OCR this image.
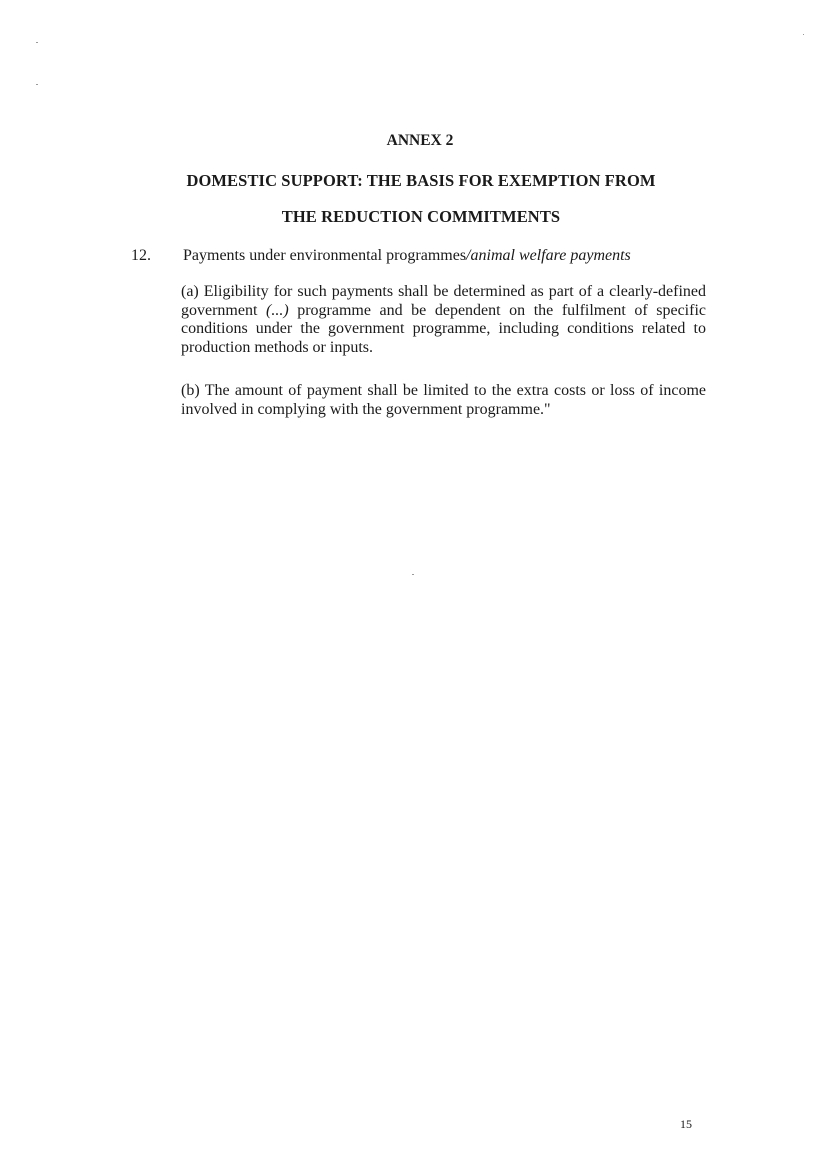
ANNEX 2
DOMESTIC SUPPORT: THE BASIS FOR EXEMPTION FROM
THE REDUCTION COMMITMENTS
12. Payments under environmental programmes/animal welfare payments
(a) Eligibility for such payments shall be determined as part of a clearly-defined government (...) programme and be dependent on the fulfilment of specific conditions under the government programme, including conditions related to production methods or inputs.
(b) The amount of payment shall be limited to the extra costs or loss of income involved in complying with the government programme."
15
